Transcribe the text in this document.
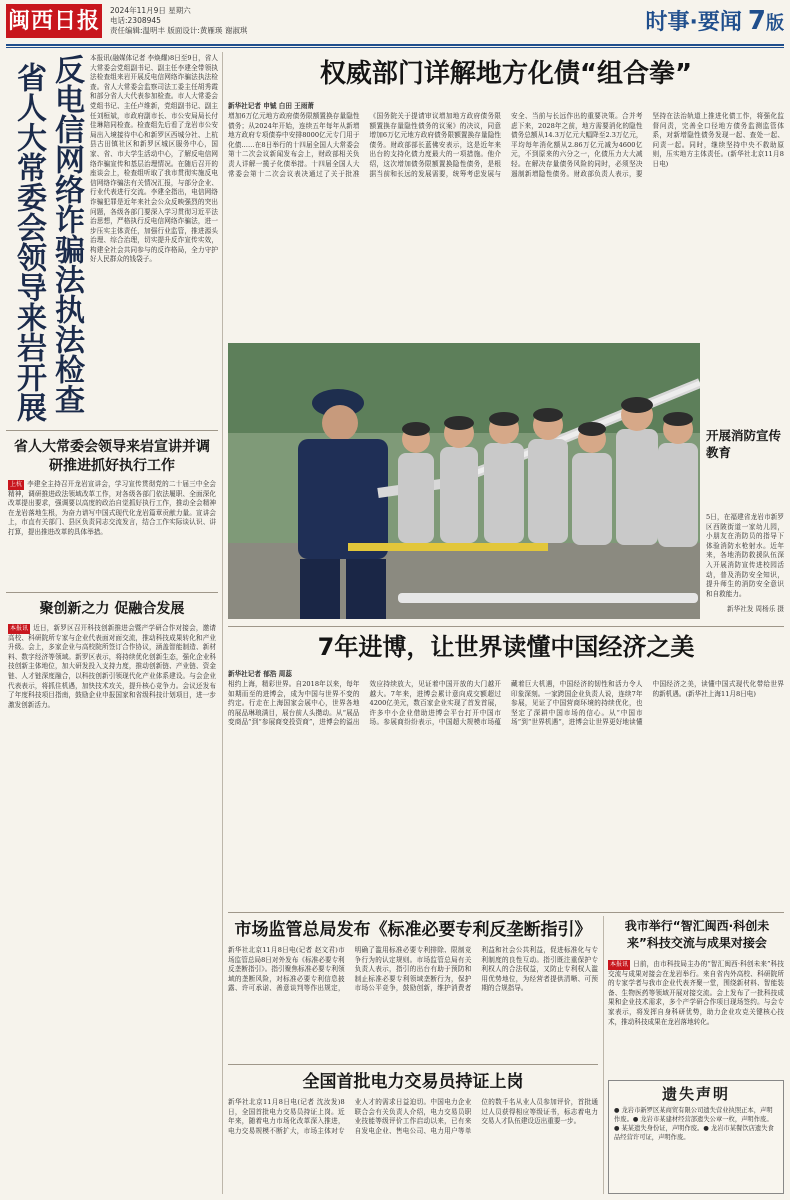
闽西日报 2024年11月9日 星期六
电话:2308945
责任编辑:温明丰 版面设计:黄雁瑛 谢淑琪	时事·要闻 7版
反电信网络诈骗法执法检查
省人大常委会领导来岩开展
本报讯(融媒体记者 李焕耀)8日至9日，省人大常委会党组副书记、副主任李建全带领执法检查组来岩开展反电信网络诈骗法执法检查。省人大常委会监察司法工委主任胡秀霞和部分省人大代表参加检查。市人大常委会党组书记、主任卢维新，党组副书记、副主任刘桓斌，市政府副市长、市公安局局长付佳琳陪同检查。检查组先后看了龙岩市公安局出入境接待中心和新罗区西城分社、上杭县古田镇社区和新罗区城区服务中心，国家、省、市大学生活动中心，了解反电信网络诈骗宣传和基层治理情况。在随后召开的座谈会上，检查组听取了我市贯彻实施反电信网络诈骗法有关情况汇报，与部分企业、行业代表进行交流。李建全指出，电信网络诈骗犯罪是近年来社会公众反映强烈的突出问题，各级各部门要深入学习贯彻习近平法治思想，严格执行反电信网络诈骗法，进一步压实主体责任，加强行业监管，推进源头治理、综合治理，切实提升反诈宣传实效，构建全社会共同参与的反诈格局，全力守护好人民群众的钱袋子。
省人大常委会领导来岩宣讲并调研推进抓好执行工作
上杭 李建全主持召开龙岩宣讲会，学习宣传贯彻党的二十届三中全会精神，调研推进政法领域改革工作，对各级各部门依法履职、全面深化改革提出要求，强调要以高度的政治自觉抓好执行工作，推动全会精神在龙岩落地生根，为奋力谱写中国式现代化龙岩篇章贡献力量。宣讲会上，市直有关部门、县区负责同志交流发言，结合工作实际谈认识、讲打算，提出推进改革的具体举措。
聚创新之力 促融合发展
本报讯 近日，新罗区召开科技创新推进会暨产学研合作对接会，邀请高校、科研院所专家与企业代表面对面交流，推动科技成果转化和产业升级。会上，多家企业与高校院所签订合作协议，涵盖智能制造、新材料、数字经济等领域。新罗区表示，将持续优化创新生态，强化企业科技创新主体地位，加大研发投入支持力度，推动创新链、产业链、资金链、人才链深度融合，以科技创新引领现代化产业体系建设。与会企业代表表示，将抓住机遇，加快技术攻关，提升核心竞争力。会议还发布了年度科技项目指南，鼓励企业申报国家和省级科技计划项目，进一步激发创新活力。
权威部门详解地方化债“组合拳”
新华社记者 申铖 白田 王雨萧
增加6万亿元地方政府债务限额置换存量隐性债务；从2024年开始，连续五年每年从新增地方政府专项债券中安排8000亿元专门用于化债……在8日举行的十四届全国人大常委会第十二次会议新闻发布会上，财政部相关负责人详解一揽子化债举措。十四届全国人大常委会第十二次会议表决通过了关于批准《国务院关于提请审议增加地方政府债务限额置换存量隐性债务的议案》的决议，同意增加6万亿元地方政府债务限额置换存量隐性债务。财政部部长蓝佛安表示，这是近年来出台的支持化债力度最大的一项措施。他介绍，这次增加债务限额置换隐性债务，是根据当前和长远的发展需要，统筹考虑发展与安全、当前与长远作出的重要决策。合并考虑下来，2028年之前，地方需要消化的隐性债务总额从14.3万亿元大幅降至2.3万亿元，平均每年消化额从2.86万亿元减为4600亿元，不到原来的六分之一，化债压力大大减轻。在解决存量债务风险的同时，必须坚决遏制新增隐性债务。财政部负责人表示，要坚持在法治轨道上推进化债工作，将强化监督问责，完善全口径地方债务监测监管体系，对新增隐性债务发现一起、查处一起、问责一起。同时，继续坚持中央不救助原则，压实地方主体责任。(新华社北京11月8日电)
开展消防宣传教育
5日，在福建省龙岩市新罗区西陂街道一家幼儿园，小朋友在消防员的指导下体验消防水枪射水。近年来，各地消防救援队伍深入开展消防宣传进校园活动，普及消防安全知识，提升师生的消防安全意识和自救能力。
新华社发 周杨乐 摄
7年进博，让世界读懂中国经济之美
新华社记者 郁浩 周蕊
相约上海，精彩世界。自2018年以来，每年如期而至的进博会，成为中国与世界不变的约定。行走在上海国家会展中心，世界各地的展品琳琅满目，展台前人头攒动。从“展品变商品”到“参展商变投资商”，进博会的溢出效应持续放大，见证着中国开放的大门越开越大。7年来，进博会累计意向成交额超过4200亿美元，数百家企业实现了首发首展，许多中小企业借助进博会平台打开中国市场。参展商纷纷表示，中国超大规模市场蕴藏着巨大机遇，中国经济的韧性和活力令人印象深刻。一家跨国企业负责人说，连续7年参展，见证了中国营商环境的持续优化，也坚定了深耕中国市场的信心。从“中国市场”到“世界机遇”，进博会让世界更好地读懂中国经济之美，读懂中国式现代化带给世界的新机遇。(新华社上海11月8日电)
市场监管总局发布《标准必要专利反垄断指引》
新华社北京11月8日电(记者 赵文君)市场监管总局8日对外发布《标准必要专利反垄断指引》。指引聚焦标准必要专利领域的垄断风险，对标准必要专利信息披露、许可承诺、善意谈判等作出规定，明确了滥用标准必要专利排除、限制竞争行为的认定规则。市场监管总局有关负责人表示，指引的出台有助于预防和制止标准必要专利领域垄断行为，保护市场公平竞争，鼓励创新，维护消费者利益和社会公共利益，促进标准化与专利制度的良性互动。指引既注重保护专利权人的合法权益，又防止专利权人滥用优势地位，为经营者提供清晰、可预期的合规指导。
全国首批电力交易员持证上岗
新华社北京11月8日电(记者 沈汝发)8日，全国首批电力交易员持证上岗。近年来，随着电力市场化改革深入推进，电力交易规模不断扩大，市场主体对专业人才的需求日益迫切。中国电力企业联合会有关负责人介绍，电力交易员职业技能等级评价工作启动以来，已有来自发电企业、售电公司、电力用户等单位的数千名从业人员参加评价，首批通过人员获得相应等级证书，标志着电力交易人才队伍建设迈出重要一步。
我市举行“智汇闽西·科创未来”科技交流与成果对接会
本报讯 日前，由市科技局主办的“智汇闽西·科创未来”科技交流与成果对接会在龙岩举行。来自省内外高校、科研院所的专家学者与我市企业代表齐聚一堂，围绕新材料、智能装备、生物医药等领域开展对接交流。会上发布了一批科技成果和企业技术需求，多个产学研合作项目现场签约。与会专家表示，将发挥自身科研优势，助力企业攻克关键核心技术，推动科技成果在龙岩落地转化。
遗失声明
● 龙岩市新罗区某商贸有限公司遗失营业执照正本，声明作废。● 龙岩市某建材经营部遗失公章一枚，声明作废。● 某某遗失身份证，声明作废。● 龙岩市某餐饮店遗失食品经营许可证，声明作废。
